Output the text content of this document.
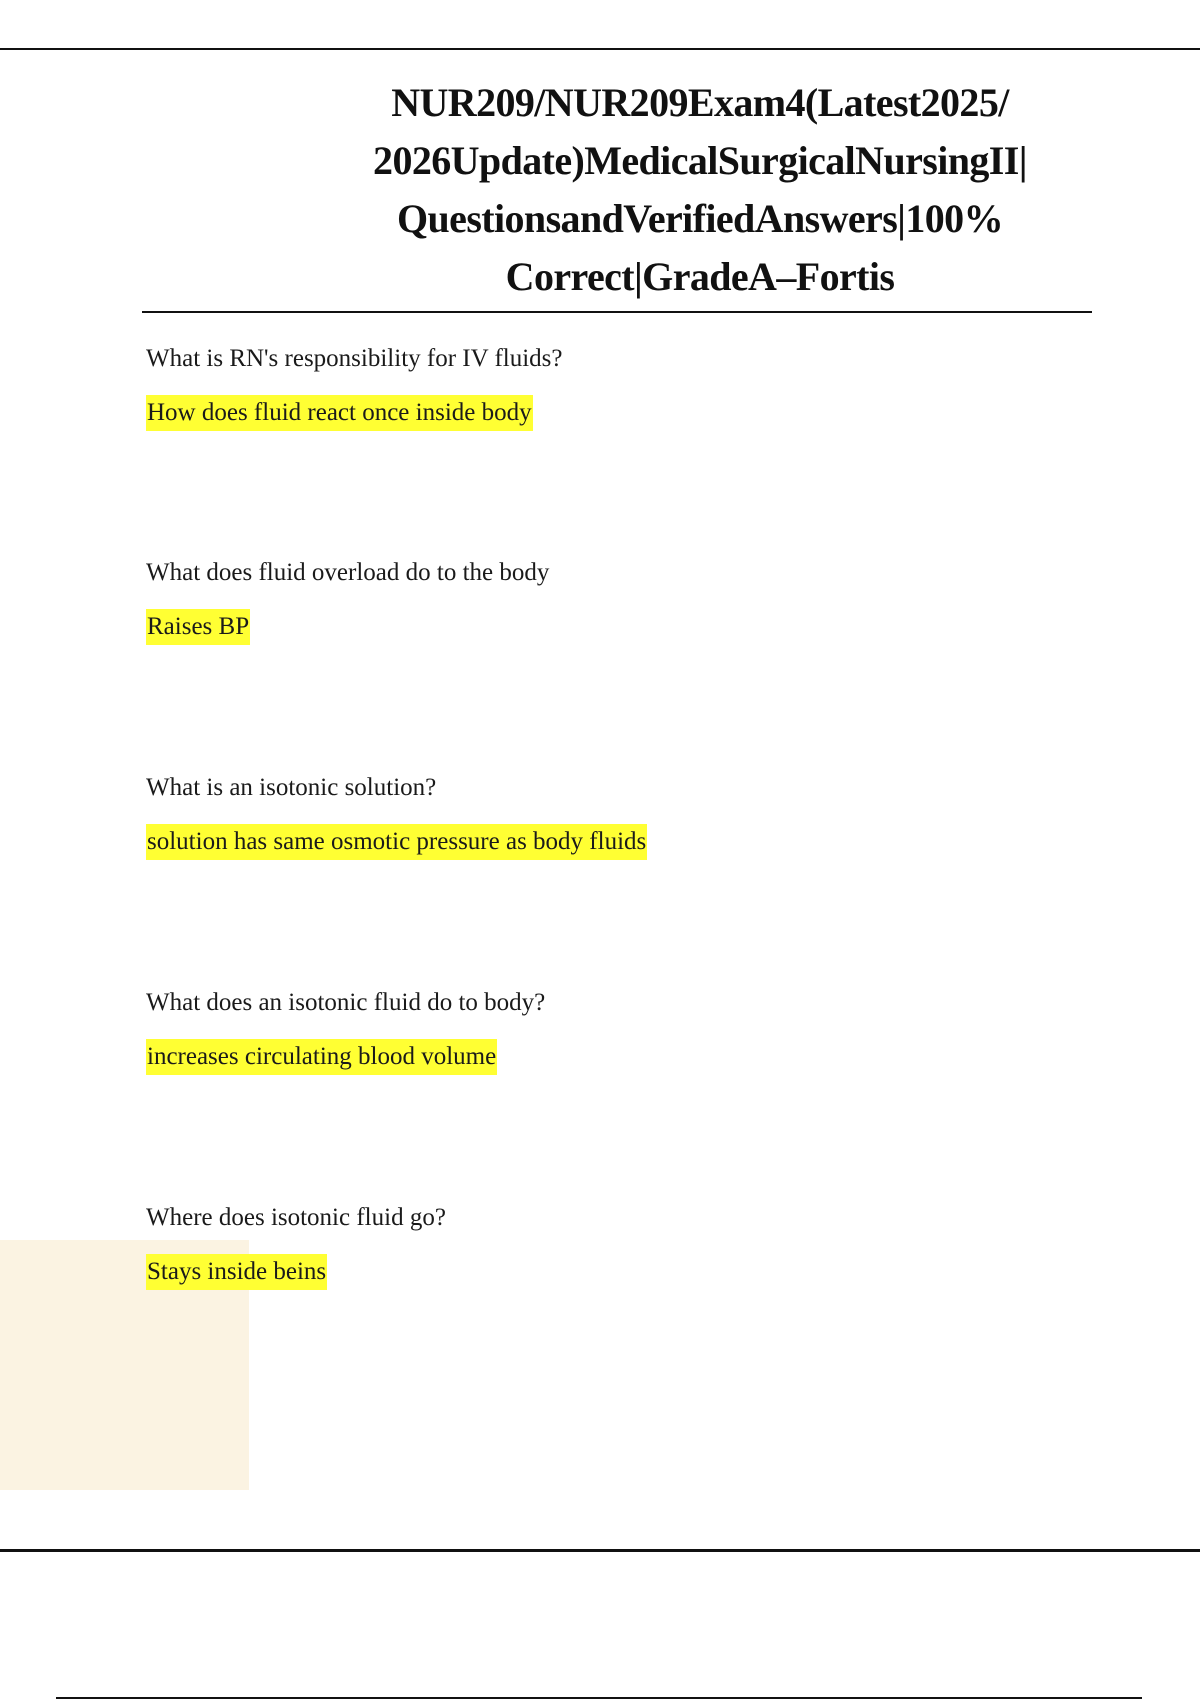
NUR209/NUR209Exam4(Latest2025/ 2026Update)MedicalSurgicalNursingII| QuestionsandVerifiedAnswers|100% Correct|GradeA–Fortis

What is RN's responsibility for IV fluids?

How does fluid react once inside body

What does fluid overload do to the body

Raises BP

What is an isotonic solution?

solution has same osmotic pressure as body fluids

What does an isotonic fluid do to body?

increases circulating blood volume

Where does isotonic fluid go?

Stays inside beins
